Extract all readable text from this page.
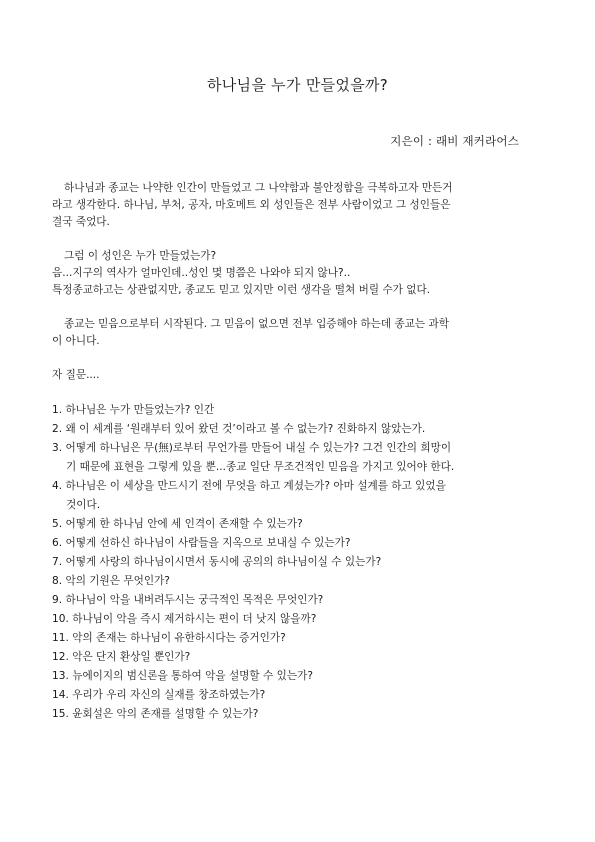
하나님을 누가 만들었을까?
지은이 : 래비 재커라어스
하나님과 종교는 나약한 인간이 만들었고 그 나약함과 불안정함을 극복하고자 만든거
라고 생각한다. 하나님, 부처, 공자, 마호메트 외 성인들은 전부 사람이었고 그 성인들은
결국 죽었다.
그럼 이 성인은 누가 만들었는가?
음...지구의 역사가 얼마인데..성인 몇 명쯤은 나와야 되지 않나?..
특정종교하고는 상관없지만, 종교도 믿고 있지만 이런 생각을 떨쳐 버릴 수가 없다.
종교는 믿음으로부터 시작된다. 그 믿음이 없으면 전부 입증해야 하는데 종교는 과학
이 아니다.
자 질문....
1. 하나님은 누가 만들었는가? 인간
2. 왜 이 세계를 ‘원래부터 있어 왔던 것’이라고 볼 수 없는가? 진화하지 않았는가.
3. 어떻게 하나님은 무(無)로부터 무언가를 만들어 내실 수 있는가? 그건 인간의 희망이
기 때문에 표현을 그렇게 있을 뿐...종교 일단 무조건적인 믿음을 가지고 있어야 한다.
4. 하나님은 이 세상을 만드시기 전에 무엇을 하고 계셨는가? 아마 설계를 하고 있었을
것이다.
5. 어떻게 한 하나님 안에 세 인격이 존재할 수 있는가?
6. 어떻게 선하신 하나님이 사람들을 지옥으로 보내실 수 있는가?
7. 어떻게 사랑의 하나님이시면서 동시에 공의의 하나님이실 수 있는가?
8. 악의 기원은 무엇인가?
9. 하나님이 악을 내버려두시는 궁극적인 목적은 무엇인가?
10. 하나님이 악을 즉시 제거하시는 편이 더 낫지 않을까?
11. 악의 존재는 하나님이 유한하시다는 증거인가?
12. 악은 단지 환상일 뿐인가?
13. 뉴에이지의 범신론을 통하여 악을 설명할 수 있는가?
14. 우리가 우리 자신의 실재를 창조하였는가?
15. 윤회설은 악의 존재를 설명할 수 있는가?
